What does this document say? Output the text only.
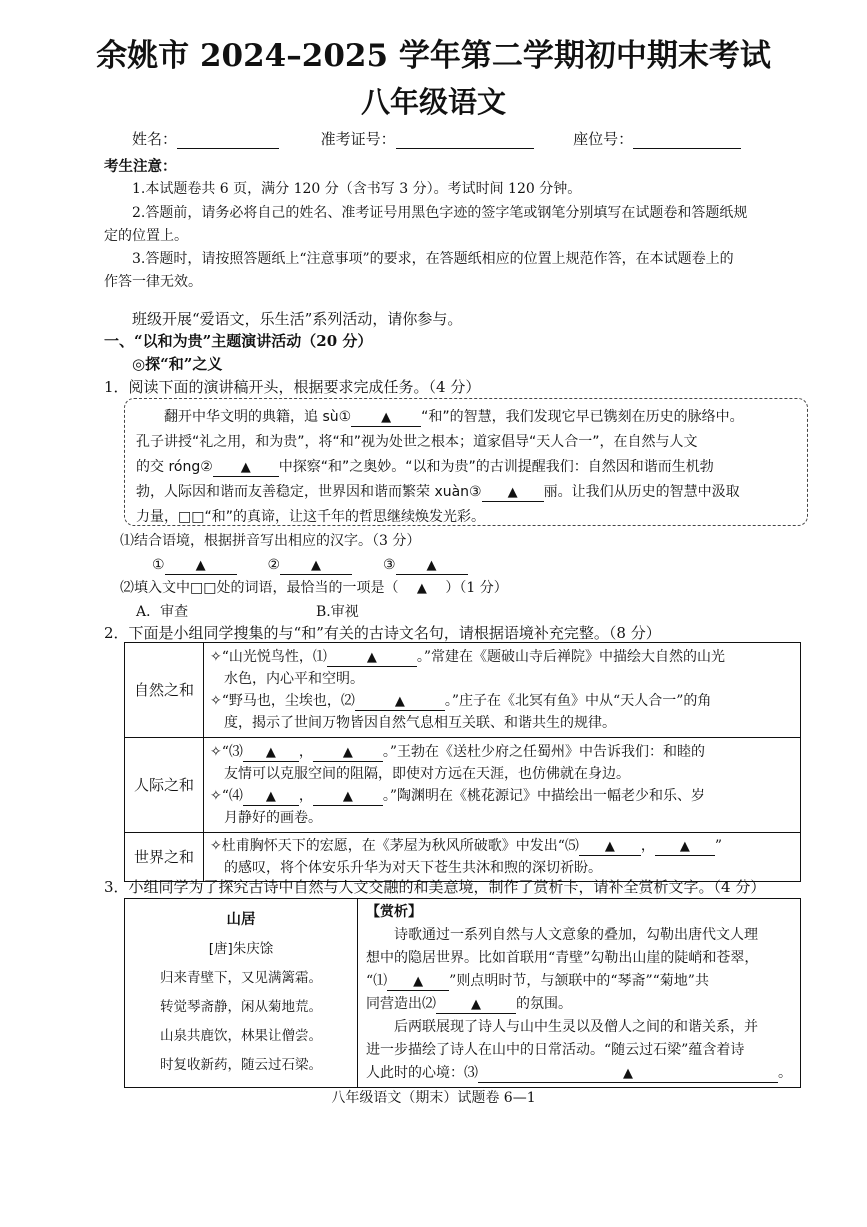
余姚市 2024–2025 学年第二学期初中期末考试
八年级语文
姓名：	准考证号：	座位号：
考生注意：
1.本试题卷共 6 页，满分 120 分（含书写 3 分）。考试时间 120 分钟。
2.答题前，请务必将自己的姓名、准考证号用黑色字迹的签字笔或钢笔分别填写在试题卷和答题纸规
定的位置上。
3.答题时，请按照答题纸上“注意事项”的要求，在答题纸相应的位置上规范作答，在本试题卷上的
作答一律无效。
班级开展“爱语文，乐生活”系列活动，请你参与。
一、“以和为贵”主题演讲活动（20 分）
◎探“和”之义
1．阅读下面的演讲稿开头，根据要求完成任务。（4 分）
翻开中华文明的典籍，追 sù① ▲ “和”的智慧，我们发现它早已镌刻在历史的脉络中。
孔子讲授“礼之用，和为贵”，将“和”视为处世之根本；道家倡导“天人合一”，在自然与人文
的交 róng② ▲ 中探察“和”之奥妙。“以和为贵”的古训提醒我们：自然因和谐而生机勃
勃，人际因和谐而友善稳定，世界因和谐而繁荣 xuàn③ ▲ 丽。让我们从历史的智慧中汲取
力量，□□“和”的真谛，让这千年的哲思继续焕发光彩。
⑴结合语境，根据拼音写出相应的汉字。（3 分）
① ▲	② ▲	③ ▲
⑵填入文中□□处的词语，最恰当的一项是（ ▲ ）（1 分）
A．审查	B.审视
2．下面是小组同学搜集的与“和”有关的古诗文名句，请根据语境补充完整。（8 分）
自然之和	✧“山光悦鸟性，⑴ ▲ 。”常建在《题破山寺后禅院》中描绘大自然的山光
水色，内心平和空明。
✧“野马也，尘埃也，⑵ ▲ 。”庄子在《北冥有鱼》中从“天人合一”的角
度，揭示了世间万物皆因自然气息相互关联、和谐共生的规律。

人际之和	✧“⑶ ▲ ， ▲ 。”王勃在《送杜少府之任蜀州》中告诉我们：和睦的
友情可以克服空间的阻隔，即使对方远在天涯，也仿佛就在身边。
✧“⑷ ▲ ， ▲ 。”陶渊明在《桃花源记》中描绘出一幅老少和乐、岁
月静好的画卷。

世界之和	✧杜甫胸怀天下的宏愿，在《茅屋为秋风所破歌》中发出“⑸ ▲ ， ▲ ”
的感叹，将个体安乐升华为对天下苍生共沐和煦的深切祈盼。
3．小组同学为了探究古诗中自然与人文交融的和美意境，制作了赏析卡，请补全赏析文字。（4 分）
山居
[唐]朱庆馀
归来青壁下，又见满篱霜。
转觉琴斋静，闲从菊地荒。
山泉共鹿饮，林果让僧尝。
时复收新药，随云过石梁。

【赏析】
诗歌通过一系列自然与人文意象的叠加，勾勒出唐代文人理
想中的隐居世界。比如首联用“青壁”勾勒出山崖的陡峭和苍翠，
“⑴ ▲ ”则点明时节，与颔联中的“琴斋”“菊地”共
同营造出⑵	▲	的氛围。
后两联展现了诗人与山中生灵以及僧人之间的和谐关系，并
进一步描绘了诗人在山中的日常活动。“随云过石梁”蕴含着诗
人此时的心境：⑶	▲	。
八年级语文（期末）试题卷 6—1
